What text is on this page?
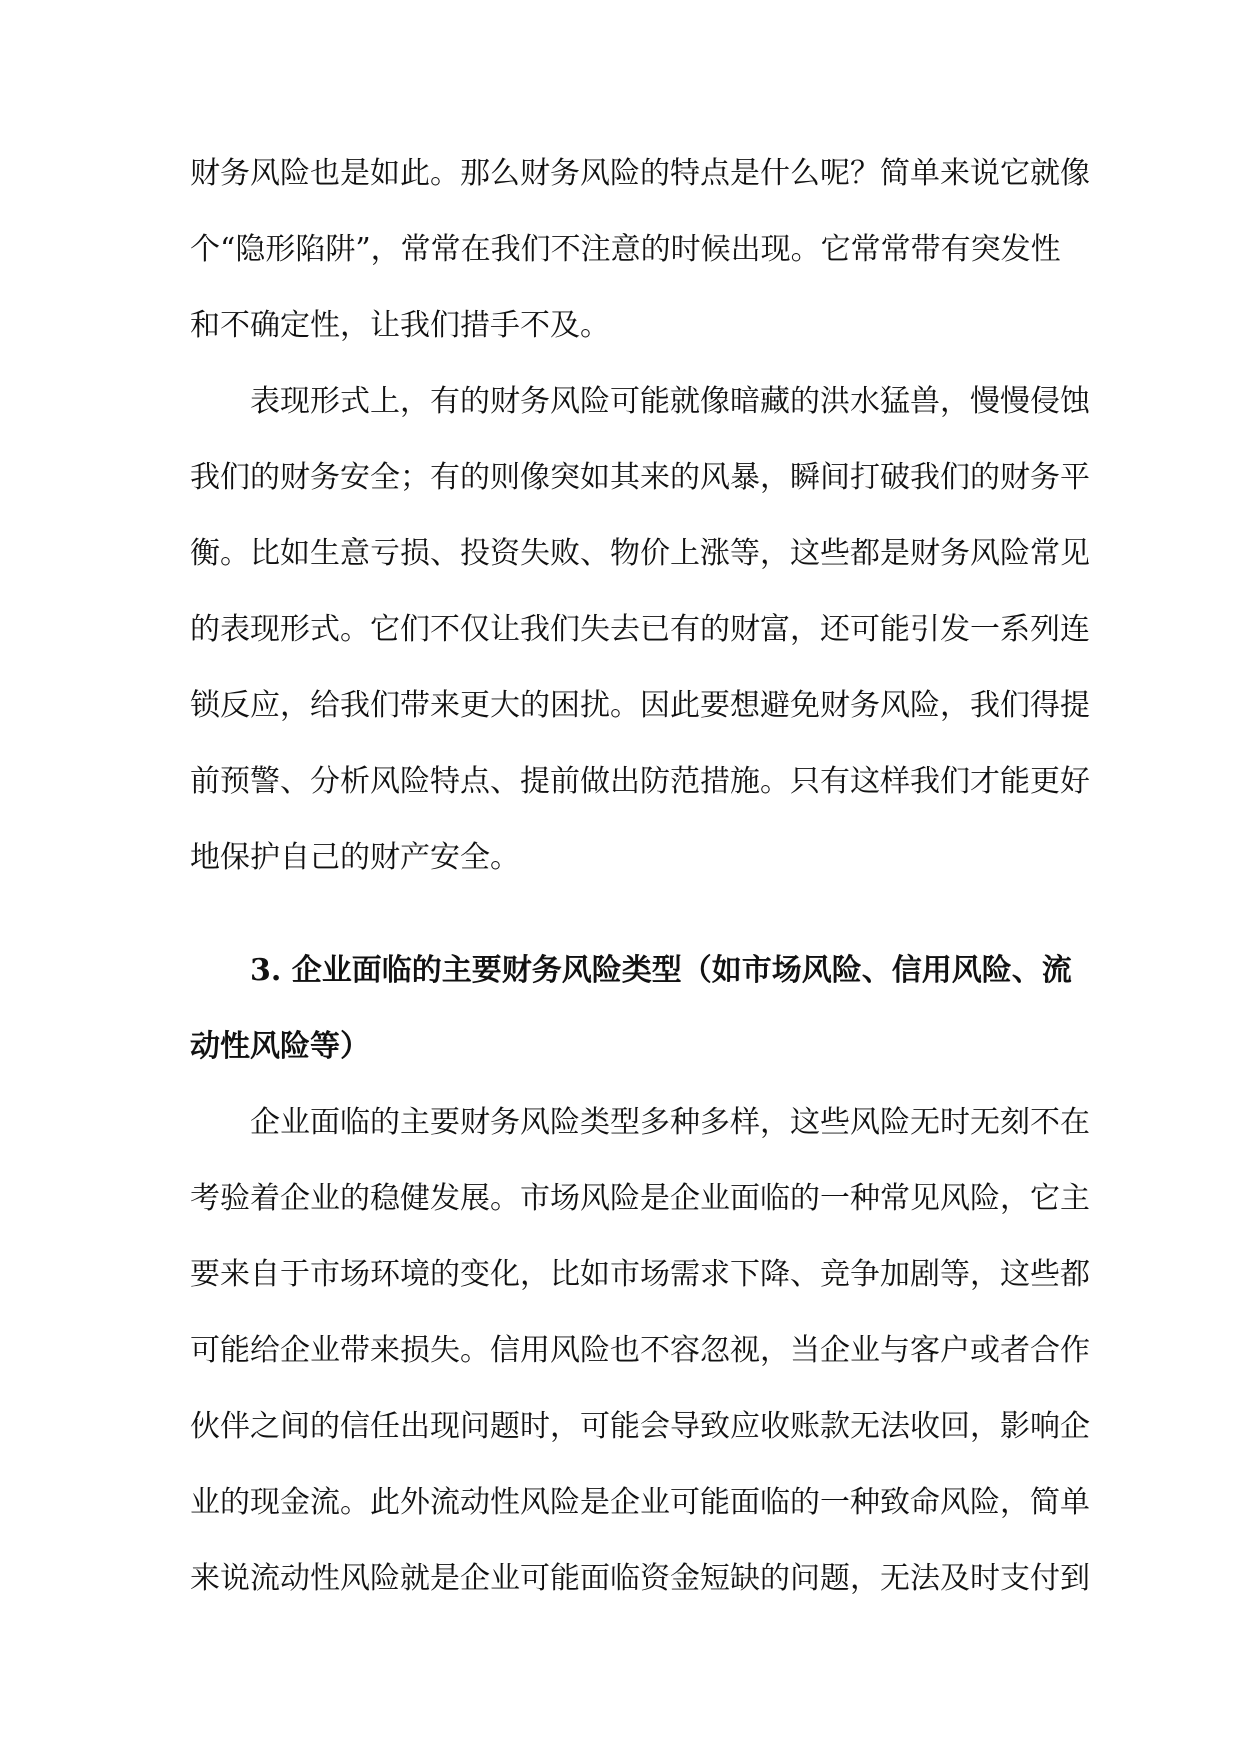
财务风险也是如此。那么财务风险的特点是什么呢？简单来说它就像
个“隐形陷阱”，常常在我们不注意的时候出现。它常常带有突发性
和不确定性，让我们措手不及。

表现形式上，有的财务风险可能就像暗藏的洪水猛兽，慢慢侵蚀
我们的财务安全；有的则像突如其来的风暴，瞬间打破我们的财务平
衡。比如生意亏损、投资失败、物价上涨等，这些都是财务风险常见
的表现形式。它们不仅让我们失去已有的财富，还可能引发一系列连
锁反应，给我们带来更大的困扰。因此要想避免财务风险，我们得提
前预警、分析风险特点、提前做出防范措施。只有这样我们才能更好
地保护自己的财产安全。

3. 企业面临的主要财务风险类型（如市场风险、信用风险、流
动性风险等）

企业面临的主要财务风险类型多种多样，这些风险无时无刻不在
考验着企业的稳健发展。市场风险是企业面临的一种常见风险，它主
要来自于市场环境的变化，比如市场需求下降、竞争加剧等，这些都
可能给企业带来损失。信用风险也不容忽视，当企业与客户或者合作
伙伴之间的信任出现问题时，可能会导致应收账款无法收回，影响企
业的现金流。此外流动性风险是企业可能面临的一种致命风险，简单
来说流动性风险就是企业可能面临资金短缺的问题，无法及时支付到
